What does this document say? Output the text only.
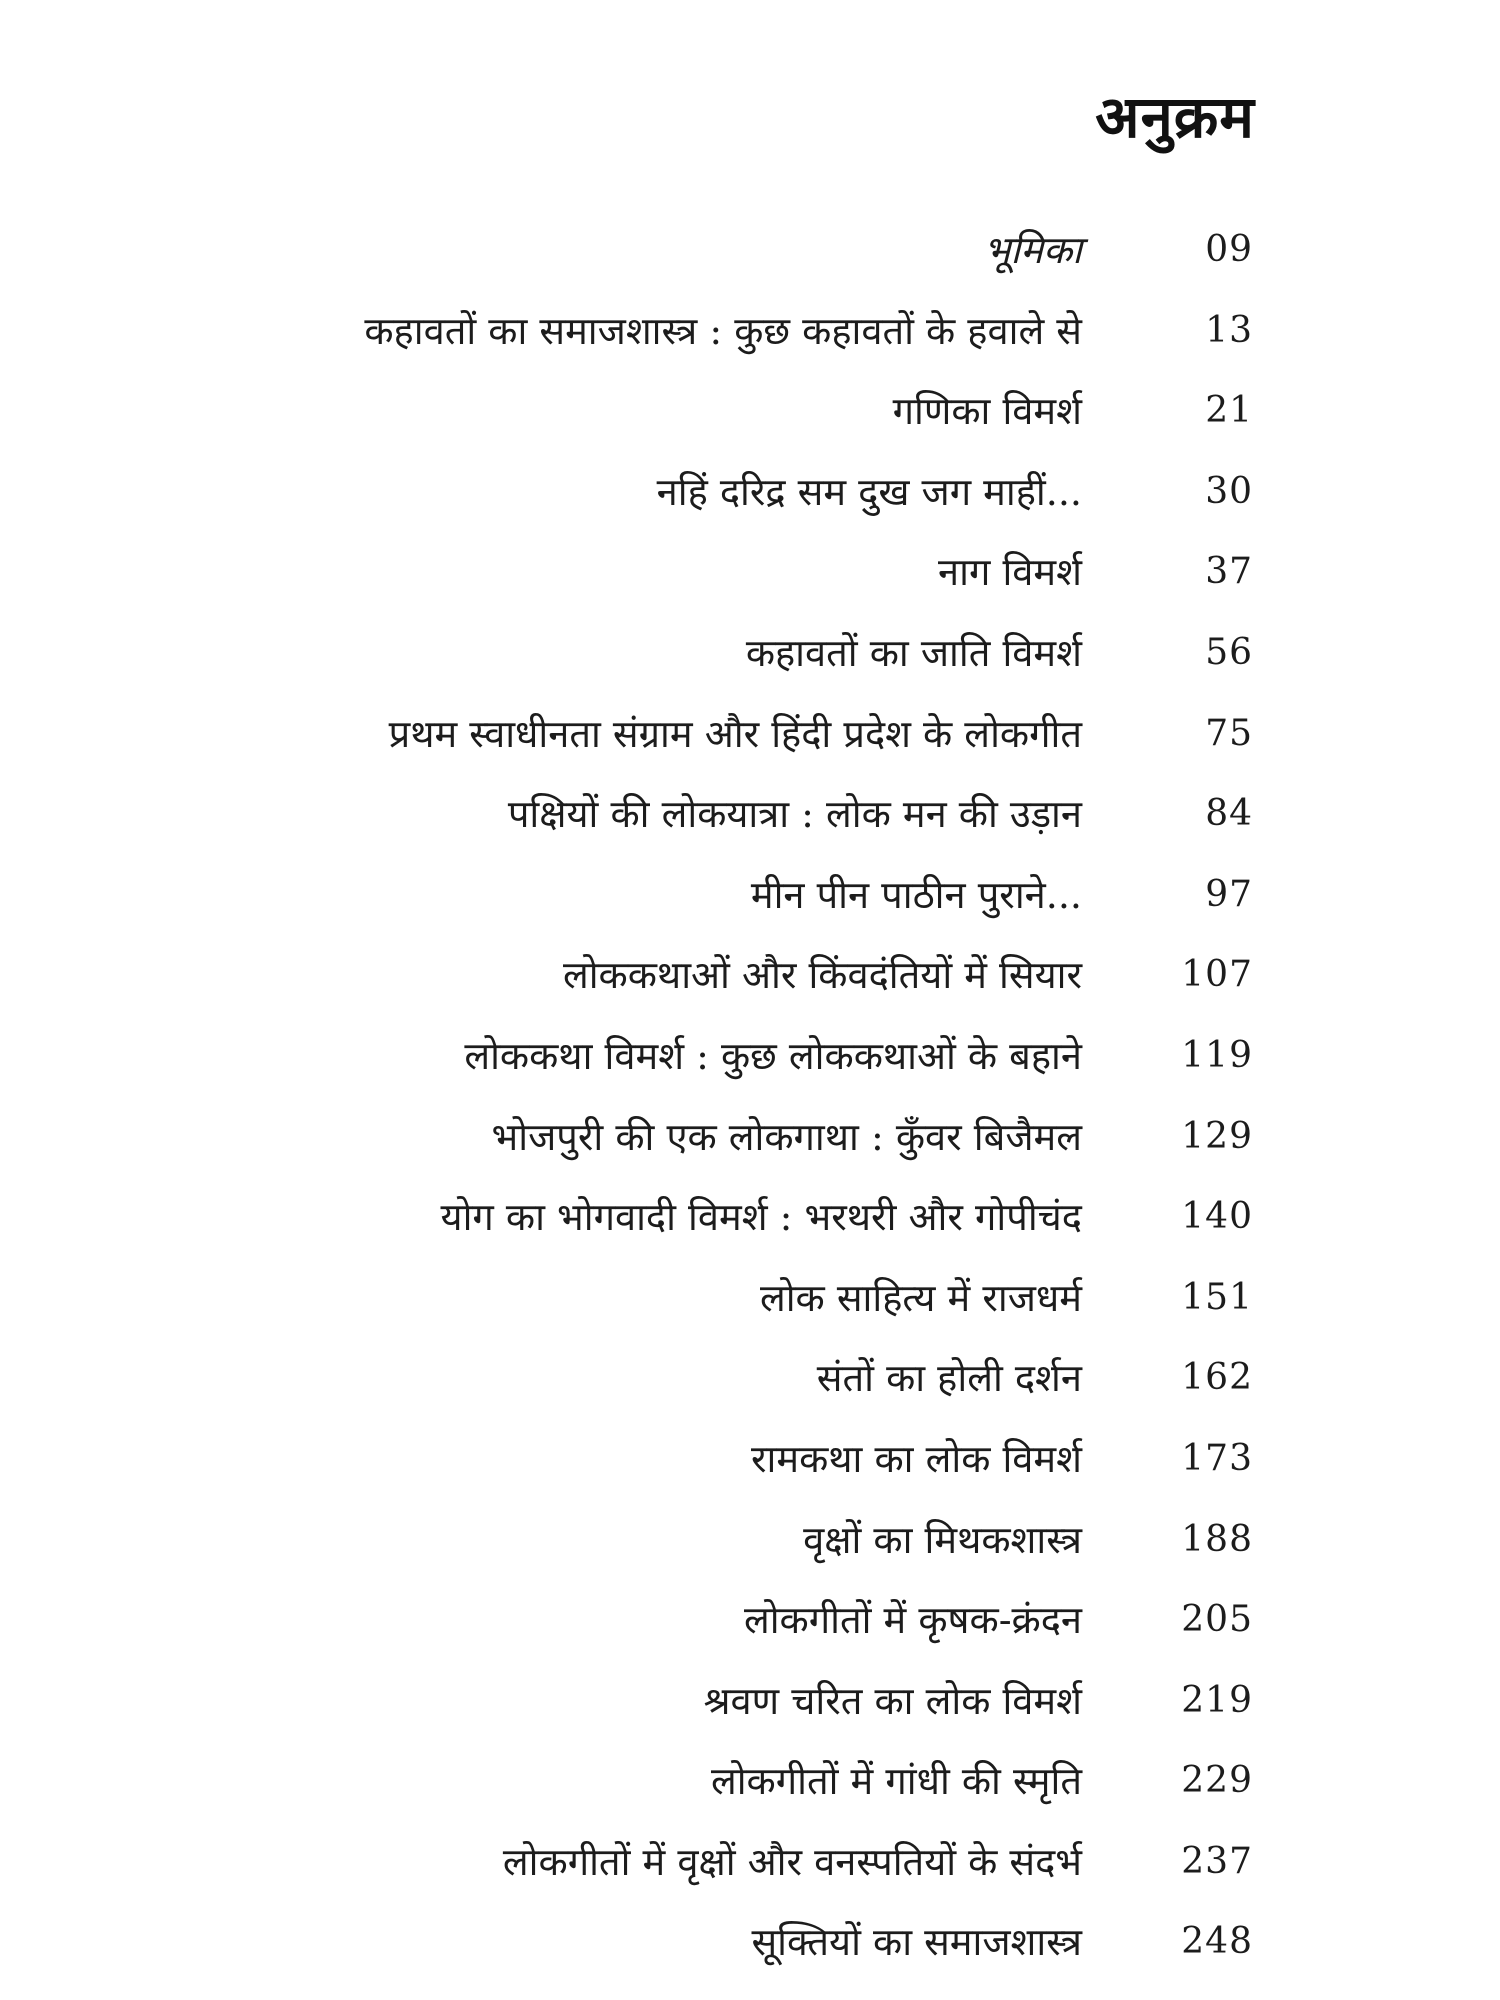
अनुक्रम
भूमिका	09
कहावतों का समाजशास्त्र : कुछ कहावतों के हवाले से	13
गणिका विमर्श	21
नहिं दरिद्र सम दुख जग माहीं...	30
नाग विमर्श	37
कहावतों का जाति विमर्श	56
प्रथम स्वाधीनता संग्राम और हिंदी प्रदेश के लोकगीत	75
पक्षियों की लोकयात्रा : लोक मन की उड़ान	84
मीन पीन पाठीन पुराने...	97
लोककथाओं और किंवदंतियों में सियार	107
लोककथा विमर्श : कुछ लोककथाओं के बहाने	119
भोजपुरी की एक लोकगाथा : कुँवर बिजैमल	129
योग का भोगवादी विमर्श : भरथरी और गोपीचंद	140
लोक साहित्य में राजधर्म	151
संतों का होली दर्शन	162
रामकथा का लोक विमर्श	173
वृक्षों का मिथकशास्त्र	188
लोकगीतों में कृषक-क्रंदन	205
श्रवण चरित का लोक विमर्श	219
लोकगीतों में गांधी की स्मृति	229
लोकगीतों में वृक्षों और वनस्पतियों के संदर्भ	237
सूक्तियों का समाजशास्त्र	248
